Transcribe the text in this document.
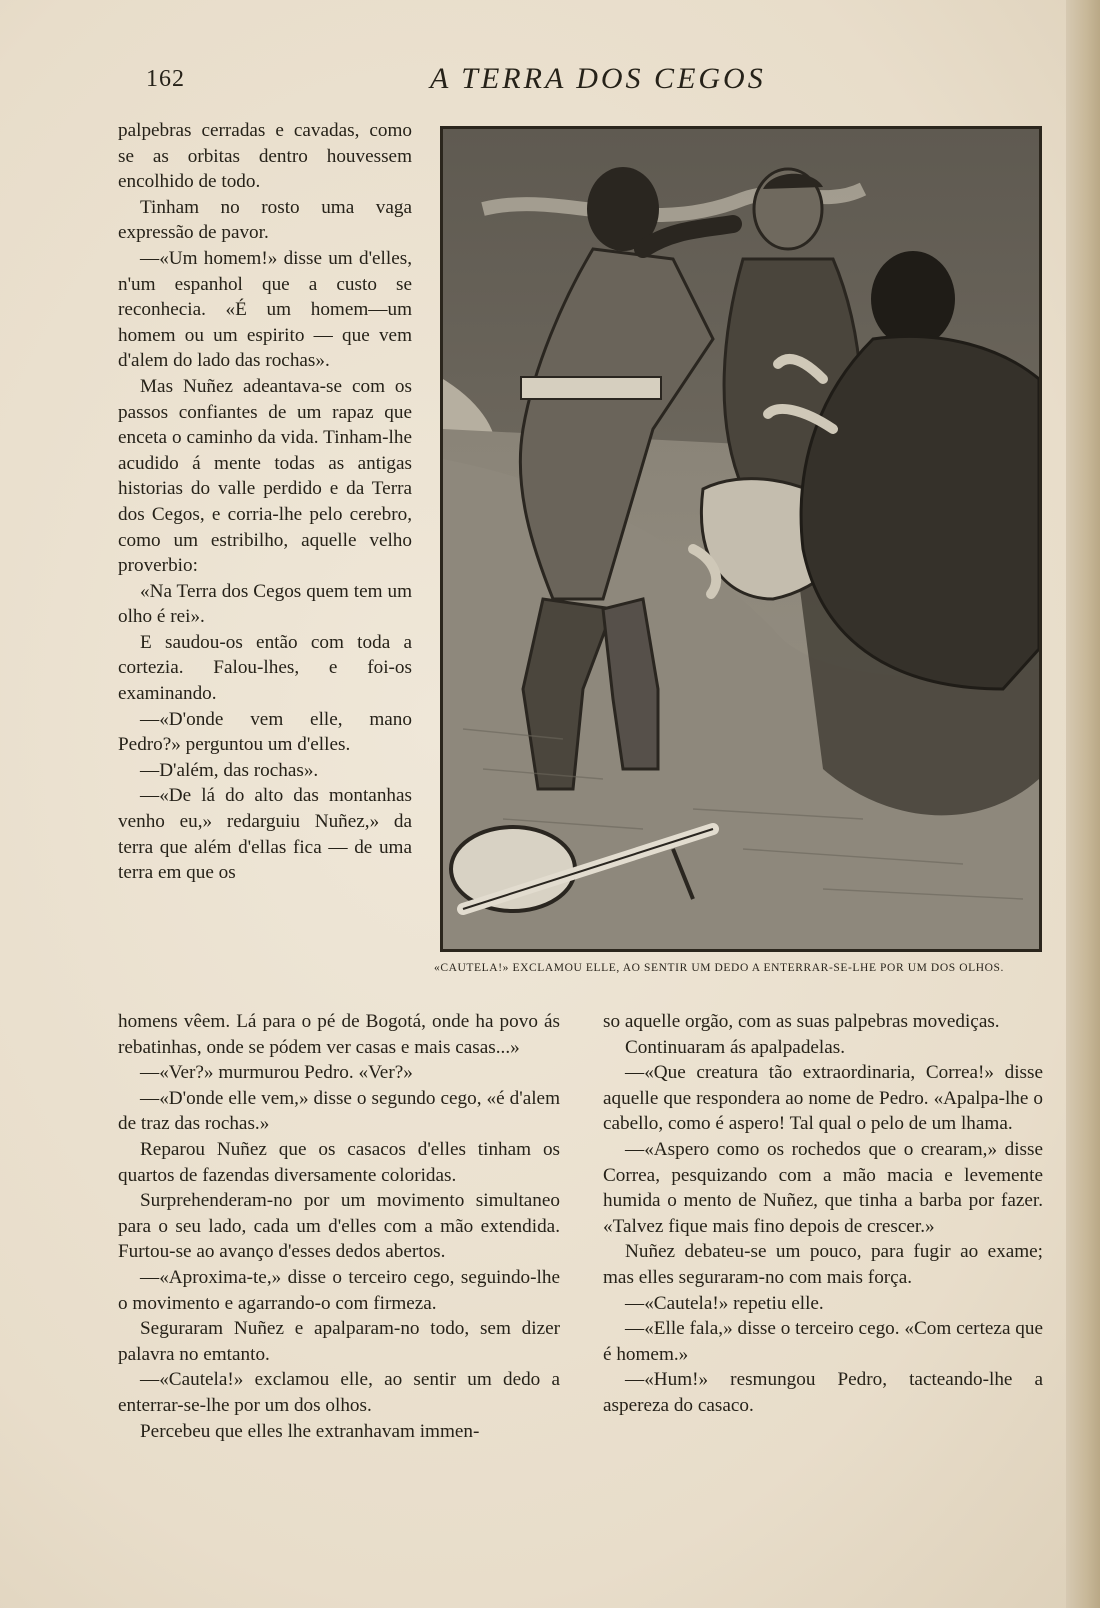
162	A TERRA DOS CEGOS

palpebras cerradas e cavadas, como se as orbitas dentro houvessem encolhido de todo.

Tinham no rosto uma vaga expressão de pavor.

—«Um homem!» disse um d'elles, n'um espanhol que a custo se reconhecia. «É um homem—um homem ou um espirito — que vem d'alem do lado das rochas».

Mas Nuñez adeantava-se com os passos confiantes de um rapaz que enceta o caminho da vida. Tinham-lhe acudido á mente todas as antigas historias do valle perdido e da Terra dos Cegos, e corria-lhe pelo cerebro, como um estribilho, aquelle velho proverbio:

«Na Terra dos Cegos quem tem um olho é rei».

E saudou-os então com toda a cortezia. Falou-lhes, e foi-os examinando.

—«D'onde vem elle, mano Pedro?» perguntou um d'elles.

—D'além, das rochas».

—«De lá do alto das montanhas venho eu,» redarguiu Nuñez,» da terra que além d'ellas fica — de uma terra em que os

«CAUTELA!» EXCLAMOU ELLE, AO SENTIR UM DEDO A ENTERRAR-SE-LHE POR UM DOS OLHOS.

homens vêem. Lá para o pé de Bogotá, onde ha povo ás rebatinhas, onde se pódem ver casas e mais casas...»

—«Ver?» murmurou Pedro. «Ver?»

—«D'onde elle vem,» disse o segundo cego, «é d'alem de traz das rochas.»

Reparou Nuñez que os casacos d'elles tinham os quartos de fazendas diversamente coloridas.

Surprehenderam-no por um movimento simultaneo para o seu lado, cada um d'elles com a mão extendida. Furtou-se ao avanço d'esses dedos abertos.

—«Aproxima-te,» disse o terceiro cego, seguindo-lhe o movimento e agarrando-o com firmeza.

Seguraram Nuñez e apalparam-no todo, sem dizer palavra no emtanto.

—«Cautela!» exclamou elle, ao sentir um dedo a enterrar-se-lhe por um dos olhos.

Percebeu que elles lhe extranhavam immen-

so aquelle orgão, com as suas palpebras movediças.

Continuaram ás apalpadelas.

—«Que creatura tão extraordinaria, Correa!» disse aquelle que respondera ao nome de Pedro. «Apalpa-lhe o cabello, como é aspero! Tal qual o pelo de um lhama.

—«Aspero como os rochedos que o crearam,» disse Correa, pesquizando com a mão macia e levemente humida o mento de Nuñez, que tinha a barba por fazer. «Talvez fique mais fino depois de crescer.»

Nuñez debateu-se um pouco, para fugir ao exame; mas elles seguraram-no com mais força.

—«Cautela!» repetiu elle.

—«Elle fala,» disse o terceiro cego. «Com certeza que é homem.»

—«Hum!» resmungou Pedro, tacteando-lhe a aspereza do casaco.
